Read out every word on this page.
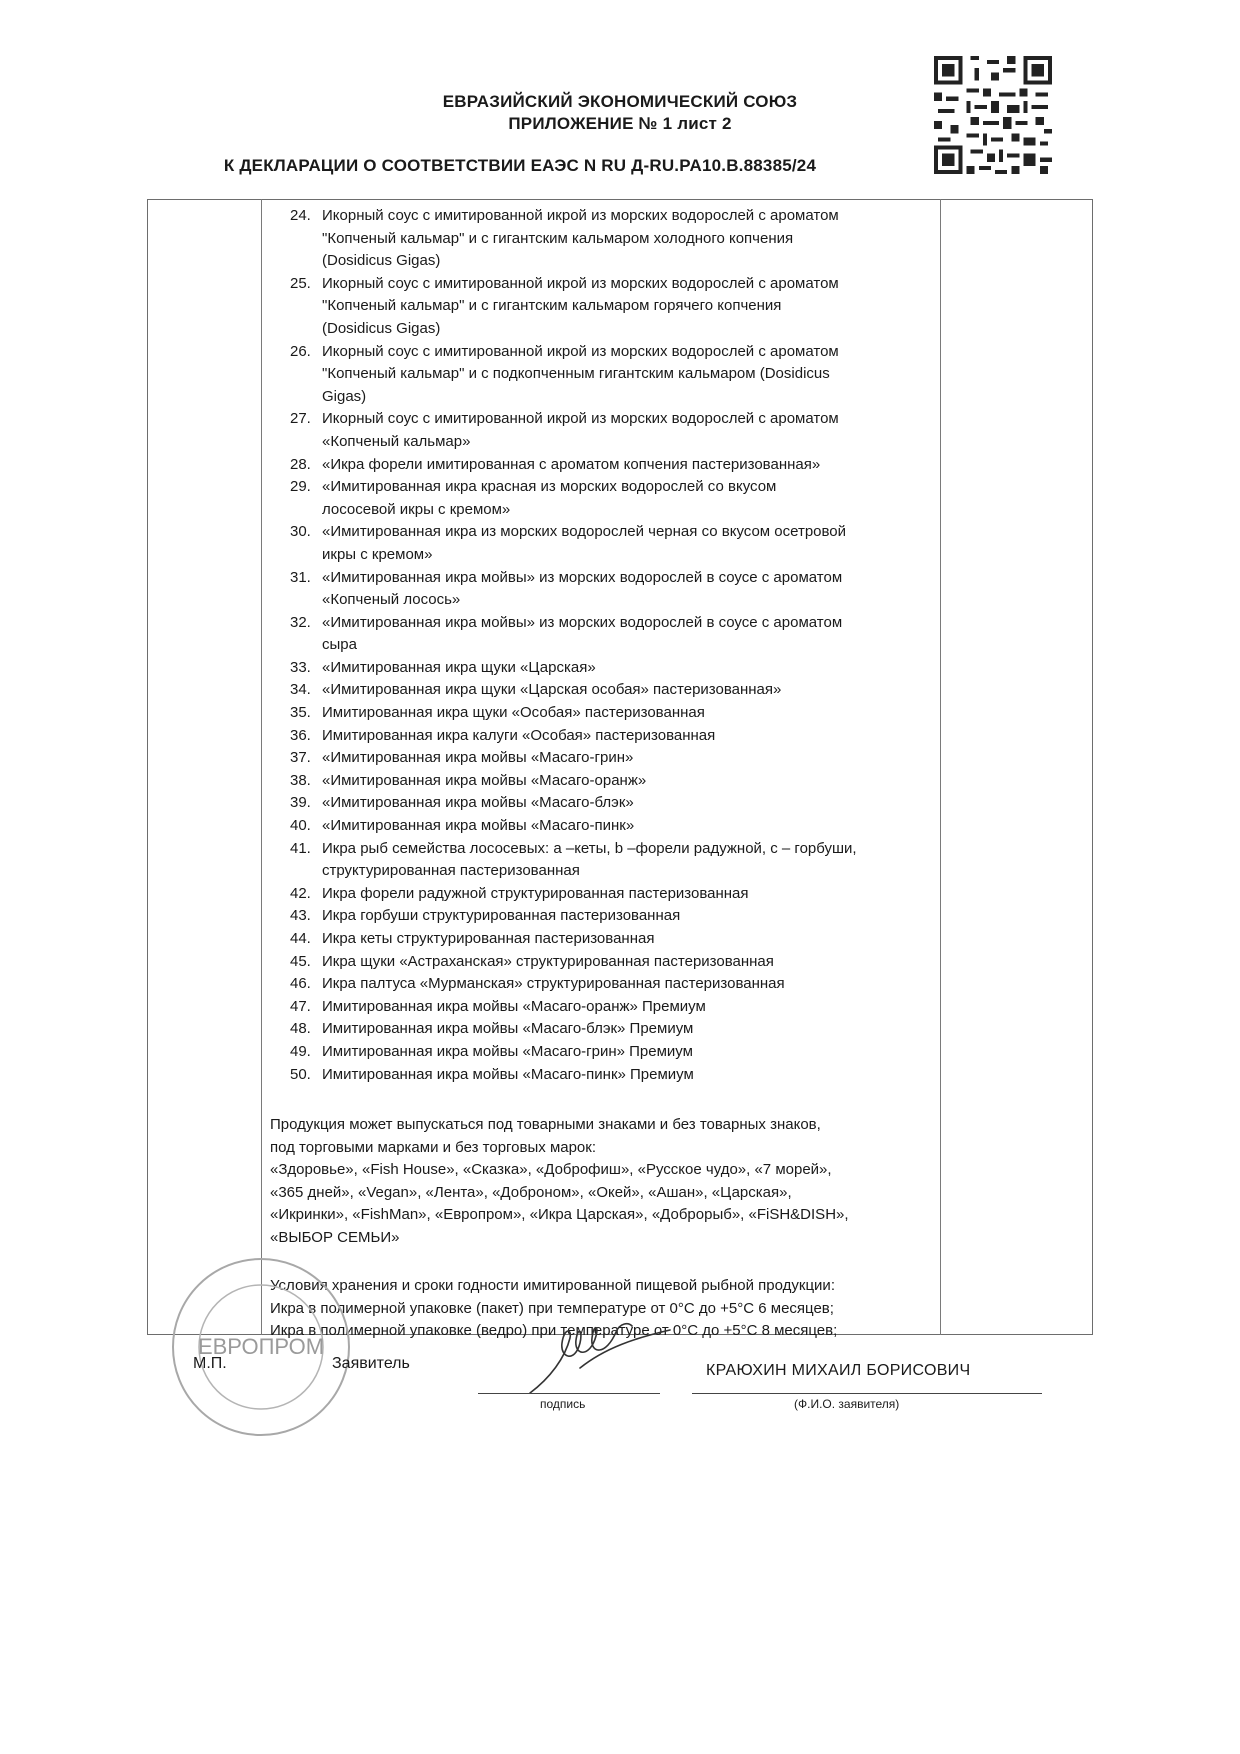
ЕВРАЗИЙСКИЙ ЭКОНОМИЧЕСКИЙ СОЮЗ
ПРИЛОЖЕНИЕ № 1 лист 2
К ДЕКЛАРАЦИИ О СООТВЕТСТВИИ ЕАЭС N RU Д-RU.PA10.B.88385/24
24. Икорный соус с имитированной икрой из морских водорослей с ароматом
"Копченый кальмар" и с гигантским кальмаром холодного копчения
(Dosidicus Gigas)
25. Икорный соус с имитированной икрой из морских водорослей с ароматом
"Копченый кальмар" и с гигантским кальмаром горячего копчения
(Dosidicus Gigas)
26. Икорный соус с имитированной икрой из морских водорослей с ароматом
"Копченый кальмар" и с подкопченным гигантским кальмаром (Dosidicus
Gigas)
27. Икорный соус с имитированной икрой из морских водорослей с ароматом
«Копченый кальмар»
28. «Икра форели имитированная с ароматом копчения пастеризованная»
29. «Имитированная икра красная из морских водорослей со вкусом
лососевой икры с кремом»
30. «Имитированная икра из морских водорослей черная со вкусом осетровой
икры с кремом»
31. «Имитированная икра мойвы» из морских водорослей в соусе с ароматом
«Копченый лосось»
32. «Имитированная икра мойвы» из морских водорослей в соусе с ароматом
сыра
33. «Имитированная икра щуки «Царская»
34. «Имитированная икра щуки «Царская особая» пастеризованная»
35. Имитированная икра щуки «Особая» пастеризованная
36. Имитированная икра калуги «Особая» пастеризованная
37. «Имитированная икра мойвы «Масаго-грин»
38. «Имитированная икра мойвы «Масаго-оранж»
39. «Имитированная икра мойвы «Масаго-блэк»
40. «Имитированная икра мойвы «Масаго-пинк»
41. Икра рыб семейства лососевых: а –кеты, b –форели радужной, с – горбуши,
структурированная пастеризованная
42. Икра форели радужной структурированная пастеризованная
43. Икра горбуши структурированная пастеризованная
44. Икра кеты структурированная пастеризованная
45. Икра щуки «Астраханская» структурированная пастеризованная
46. Икра палтуса «Мурманская» структурированная пастеризованная
47. Имитированная икра мойвы «Масаго-оранж» Премиум
48. Имитированная икра мойвы «Масаго-блэк» Премиум
49. Имитированная икра мойвы «Масаго-грин» Премиум
50. Имитированная икра мойвы «Масаго-пинк» Премиум
Продукция может выпускаться под товарными знаками и без товарных знаков,
под торговыми марками и без торговых марок:
«Здоровье», «Fish House», «Сказка», «Доброфиш», «Русское чудо», «7 морей»,
«365 дней», «Vegan», «Лента», «Доброном», «Окей», «Ашан», «Царская»,
«Икринки», «FishMan», «Европром», «Икра Царская», «Доброрыб», «FiSH&DISH»,
«ВЫБОР СЕМЬИ»
Условия хранения и сроки годности имитированной пищевой рыбной продукции:
Икра в полимерной упаковке (пакет) при температуре от 0°С до +5°С 6 месяцев;
Икра в полимерной упаковке (ведро) при температуре от 0°С до +5°С 8 месяцев;
ЕВРОПРОМ
М.П.	Заявитель	КРАЮХИН МИХАИЛ БОРИСОВИЧ
подпись	(Ф.И.О. заявителя)
